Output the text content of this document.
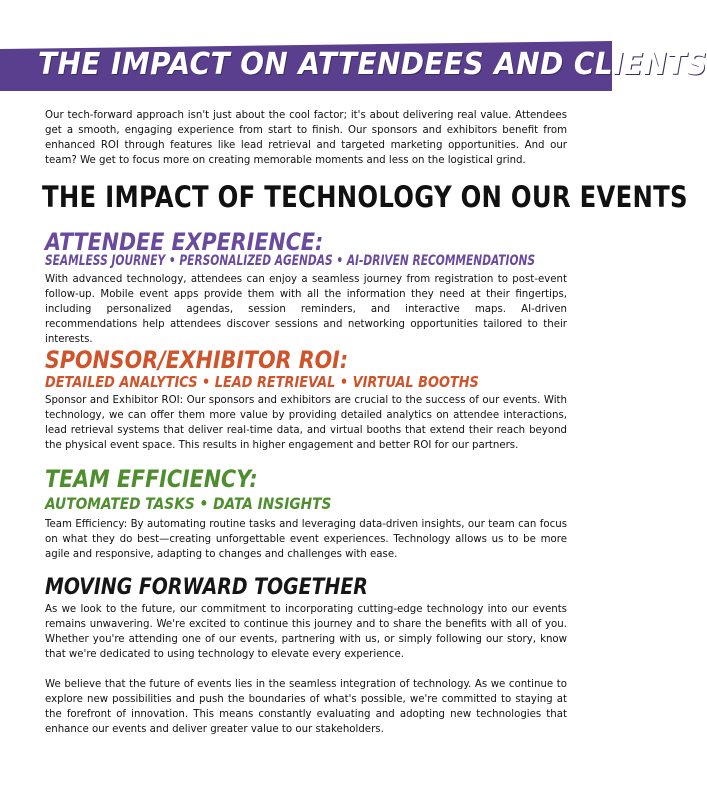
THE IMPACT ON ATTENDEES AND CLIENTS

Our tech-forward approach isn't just about the cool factor; it's about delivering real value. Attendees get a smooth, engaging experience from start to finish. Our sponsors and exhibitors benefit from enhanced ROI through features like lead retrieval and targeted marketing opportunities. And our team? We get to focus more on creating memorable moments and less on the logistical grind.

THE IMPACT OF TECHNOLOGY ON OUR EVENTS
ATTENDEE EXPERIENCE:
SEAMLESS JOURNEY • PERSONALIZED AGENDAS • AI-DRIVEN RECOMMENDATIONS

With advanced technology, attendees can enjoy a seamless journey from registration to post-event follow-up. Mobile event apps provide them with all the information they need at their fingertips, including personalized agendas, session reminders, and interactive maps. AI-driven recommendations help attendees discover sessions and networking opportunities tailored to their interests.

SPONSOR/EXHIBITOR ROI:
DETAILED ANALYTICS • LEAD RETRIEVAL • VIRTUAL BOOTHS

Sponsor and Exhibitor ROI: Our sponsors and exhibitors are crucial to the success of our events. With technology, we can offer them more value by providing detailed analytics on attendee interactions, lead retrieval systems that deliver real-time data, and virtual booths that extend their reach beyond the physical event space. This results in higher engagement and better ROI for our partners.

TEAM EFFICIENCY:
AUTOMATED TASKS • DATA INSIGHTS

Team Efficiency: By automating routine tasks and leveraging data-driven insights, our team can focus on what they do best—creating unforgettable event experiences. Technology allows us to be more agile and responsive, adapting to changes and challenges with ease.

MOVING FORWARD TOGETHER

As we look to the future, our commitment to incorporating cutting-edge technology into our events remains unwavering. We're excited to continue this journey and to share the benefits with all of you. Whether you're attending one of our events, partnering with us, or simply following our story, know that we're dedicated to using technology to elevate every experience.

We believe that the future of events lies in the seamless integration of technology. As we continue to explore new possibilities and push the boundaries of what's possible, we're committed to staying at the forefront of innovation. This means constantly evaluating and adopting new technologies that enhance our events and deliver greater value to our stakeholders.
